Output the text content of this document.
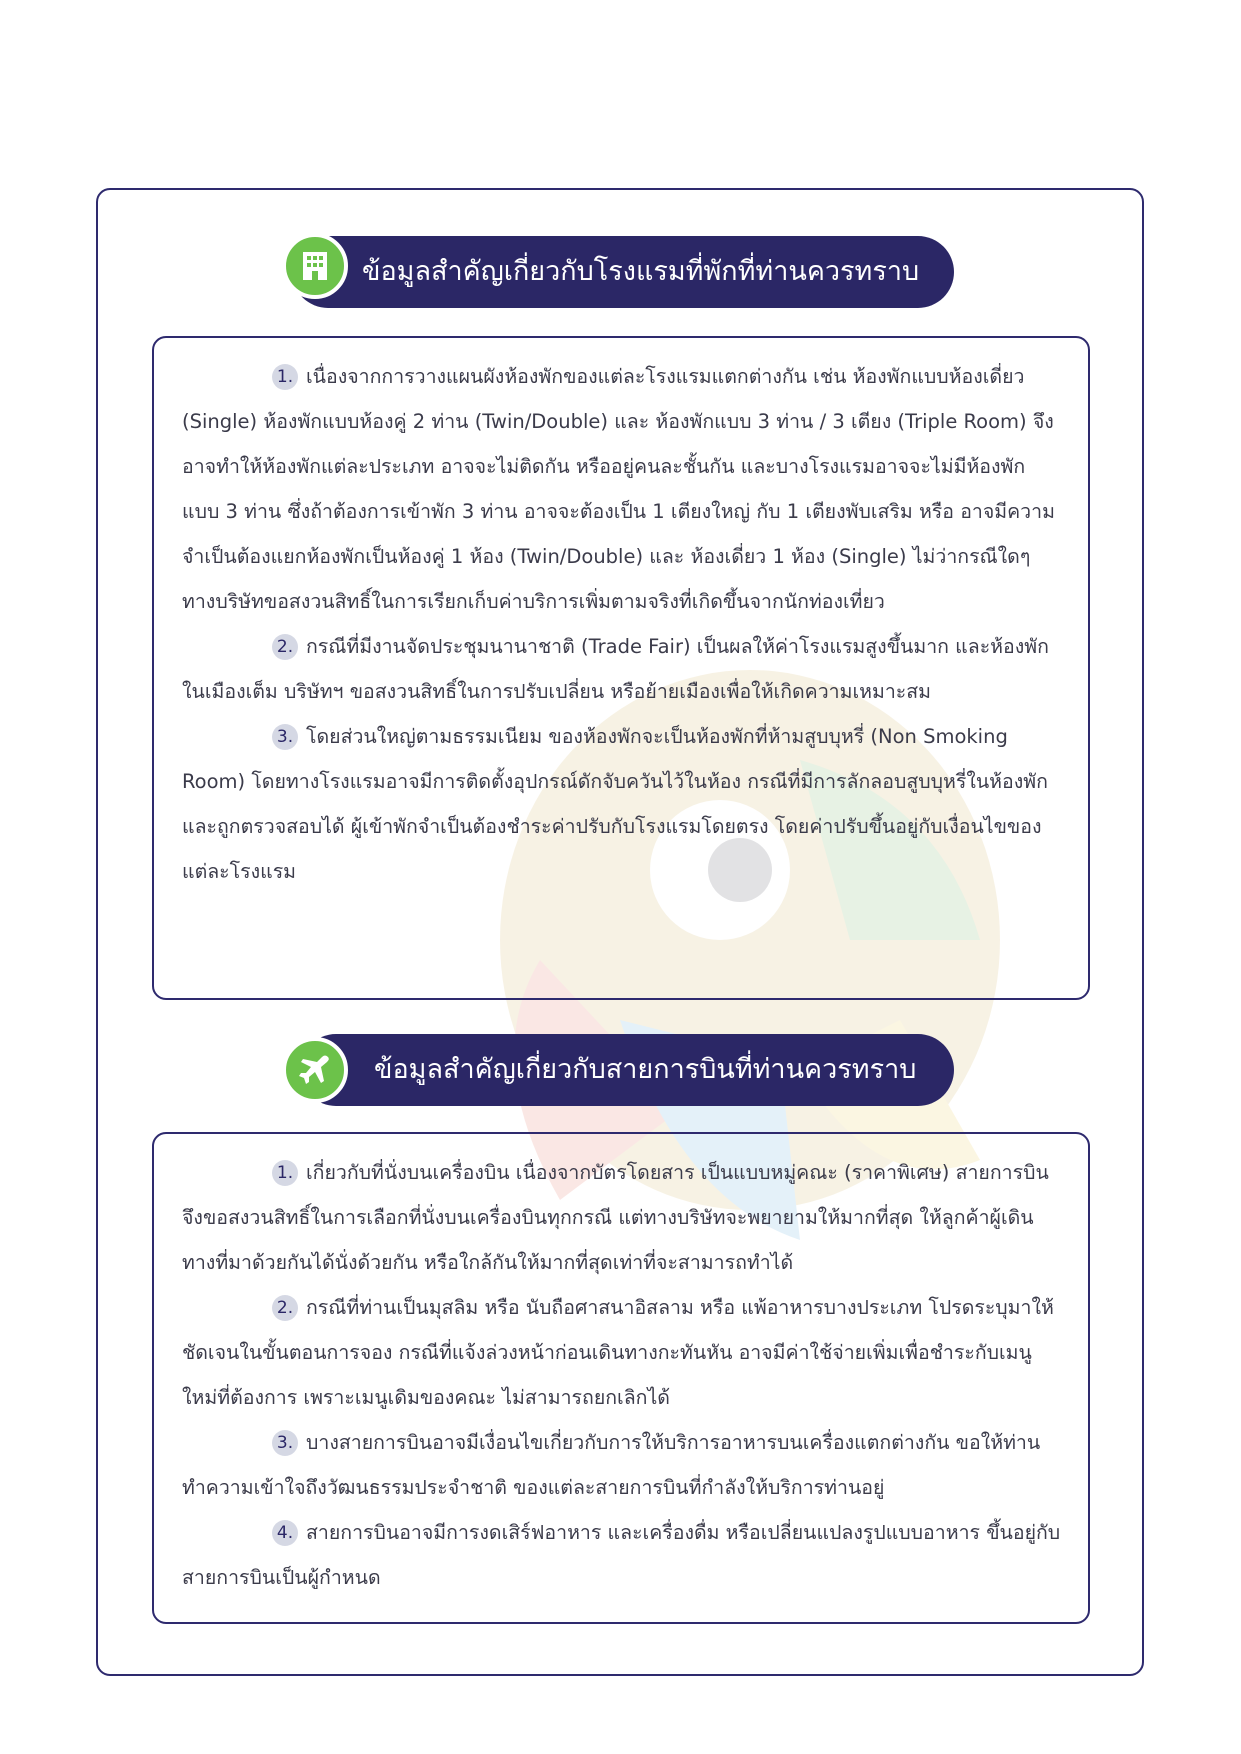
ข้อมูลสำคัญเกี่ยวกับโรงแรมที่พักที่ท่านควรทราบ

1. เนื่องจากการวางแผนผังห้องพักของแต่ละโรงแรมแตกต่างกัน เช่น ห้องพักแบบห้องเดี่ยว (Single) ห้องพักแบบห้องคู่ 2 ท่าน (Twin/Double) และ ห้องพักแบบ 3 ท่าน / 3 เตียง (Triple Room) จึงอาจทำให้ห้องพักแต่ละประเภท อาจจะไม่ติดกัน หรืออยู่คนละชั้นกัน และบางโรงแรมอาจจะไม่มีห้องพักแบบ 3 ท่าน ซึ่งถ้าต้องการเข้าพัก 3 ท่าน อาจจะต้องเป็น 1 เตียงใหญ่ กับ 1 เตียงพับเสริม หรือ อาจมีความจำเป็นต้องแยกห้องพักเป็นห้องคู่ 1 ห้อง (Twin/Double) และ ห้องเดี่ยว 1 ห้อง (Single) ไม่ว่ากรณีใดๆ ทางบริษัทขอสงวนสิทธิ์ในการเรียกเก็บค่าบริการเพิ่มตามจริงที่เกิดขึ้นจากนักท่องเที่ยว

2. กรณีที่มีงานจัดประชุมนานาชาติ (Trade Fair) เป็นผลให้ค่าโรงแรมสูงขึ้นมาก และห้องพักในเมืองเต็ม บริษัทฯ ขอสงวนสิทธิ์ในการปรับเปลี่ยน หรือย้ายเมืองเพื่อให้เกิดความเหมาะสม

3. โดยส่วนใหญ่ตามธรรมเนียม ของห้องพักจะเป็นห้องพักที่ห้ามสูบบุหรี่ (Non Smoking Room) โดยทางโรงแรมอาจมีการติดตั้งอุปกรณ์ดักจับควันไว้ในห้อง กรณีที่มีการลักลอบสูบบุหรี่ในห้องพัก และถูกตรวจสอบได้ ผู้เข้าพักจำเป็นต้องชำระค่าปรับกับโรงแรมโดยตรง โดยค่าปรับขึ้นอยู่กับเงื่อนไขของแต่ละโรงแรม

ข้อมูลสำคัญเกี่ยวกับสายการบินที่ท่านควรทราบ

1. เกี่ยวกับที่นั่งบนเครื่องบิน เนื่องจากบัตรโดยสาร เป็นแบบหมู่คณะ (ราคาพิเศษ) สายการบินจึงขอสงวนสิทธิ์ในการเลือกที่นั่งบนเครื่องบินทุกกรณี แต่ทางบริษัทจะพยายามให้มากที่สุด ให้ลูกค้าผู้เดินทางที่มาด้วยกันได้นั่งด้วยกัน หรือใกล้กันให้มากที่สุดเท่าที่จะสามารถทำได้

2. กรณีที่ท่านเป็นมุสลิม หรือ นับถือศาสนาอิสลาม หรือ แพ้อาหารบางประเภท โปรดระบุมาให้ชัดเจนในขั้นตอนการจอง กรณีที่แจ้งล่วงหน้าก่อนเดินทางกะทันหัน อาจมีค่าใช้จ่ายเพิ่มเพื่อชำระกับเมนูใหม่ที่ต้องการ เพราะเมนูเดิมของคณะ ไม่สามารถยกเลิกได้

3. บางสายการบินอาจมีเงื่อนไขเกี่ยวกับการให้บริการอาหารบนเครื่องแตกต่างกัน ขอให้ท่านทำความเข้าใจถึงวัฒนธรรมประจำชาติ ของแต่ละสายการบินที่กำลังให้บริการท่านอยู่

4. สายการบินอาจมีการงดเสิร์ฟอาหาร และเครื่องดื่ม หรือเปลี่ยนแปลงรูปแบบอาหาร ขึ้นอยู่กับสายการบินเป็นผู้กำหนด
